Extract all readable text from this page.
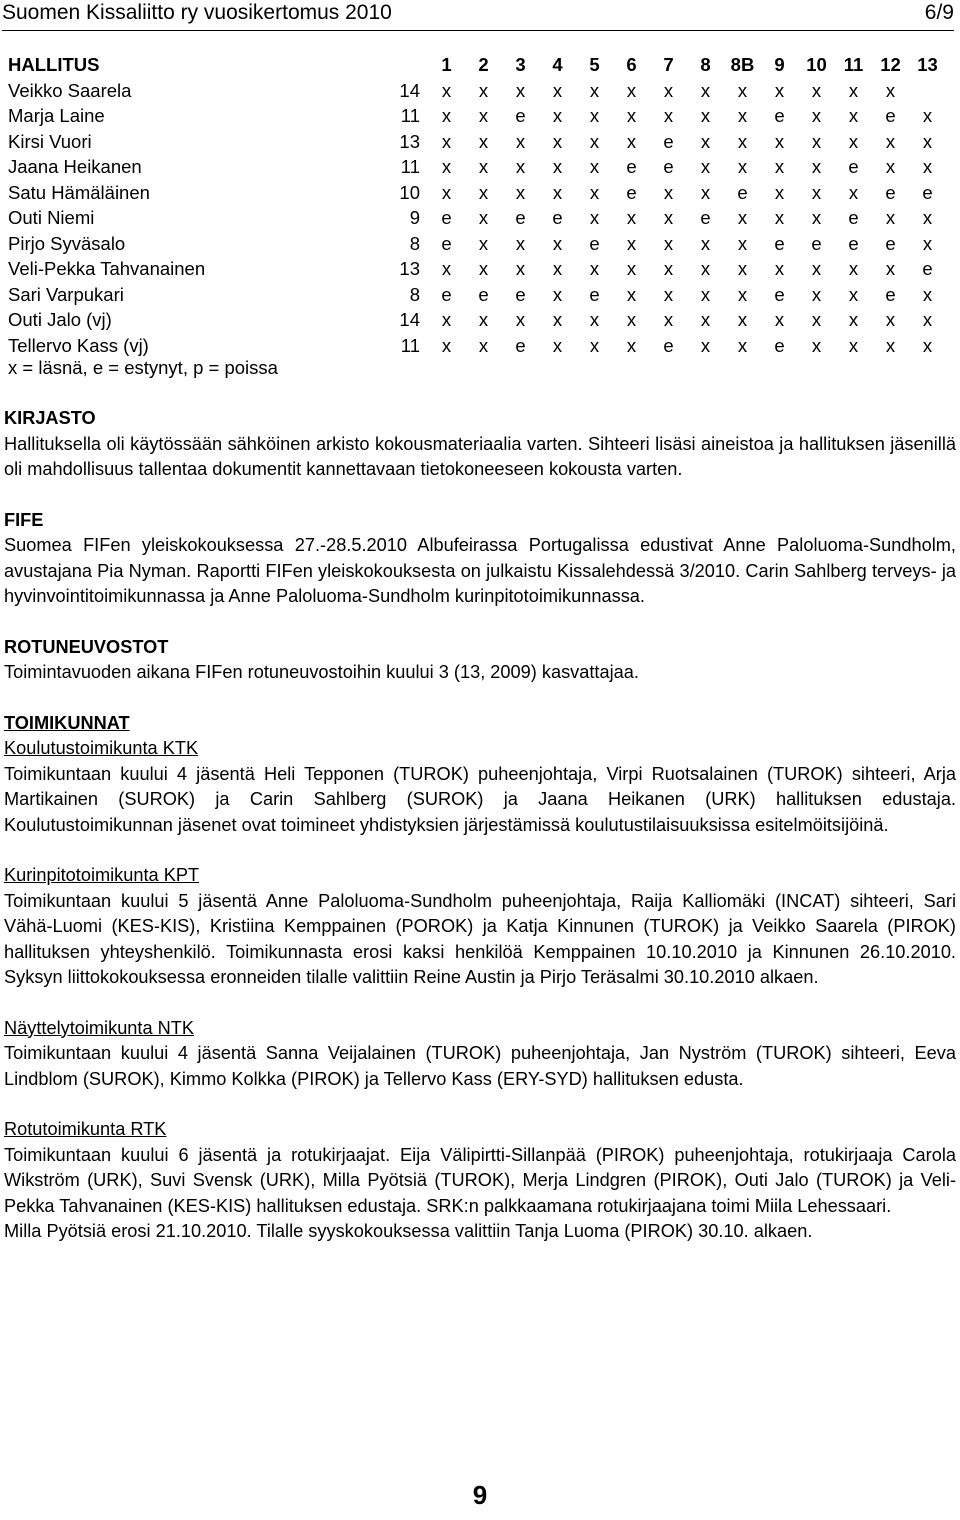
Suomen Kissaliitto ry vuosikertomus 2010	6/9
HALLITUS		1	2	3	4	5	6	7	8	8B	9	10	11	12	13
Veikko Saarela	14	x	x	x	x	x	x	x	x	x	x	x	x	x	
Marja Laine	11	x	x	e	x	x	x	x	x	x	e	x	x	e	x
Kirsi Vuori	13	x	x	x	x	x	x	e	x	x	x	x	x	x	x
Jaana Heikanen	11	x	x	x	x	x	e	e	x	x	x	x	e	x	x
Satu Hämäläinen	10	x	x	x	x	x	e	x	x	e	x	x	x	e	e
Outi Niemi	9	e	x	e	e	x	x	x	e	x	x	x	e	x	x
Pirjo Syväsalo	8	e	x	x	x	e	x	x	x	x	e	e	e	e	x
Veli-Pekka Tahvanainen	13	x	x	x	x	x	x	x	x	x	x	x	x	x	e
Sari Varpukari	8	e	e	e	x	e	x	x	x	x	e	x	x	e	x
Outi Jalo (vj)	14	x	x	x	x	x	x	x	x	x	x	x	x	x	x
Tellervo Kass (vj)	11	x	x	e	x	x	x	e	x	x	e	x	x	x	x
x = läsnä, e = estynyt, p = poissa
KIRJASTO

Hallituksella oli käytössään sähköinen arkisto kokousmateriaalia varten. Sihteeri lisäsi aineistoa ja hallituksen jäsenillä oli mahdollisuus tallentaa dokumentit kannettavaan tietokoneeseen kokousta varten.

FIFE

Suomea FIFen yleiskokouksessa 27.-28.5.2010 Albufeirassa Portugalissa edustivat Anne Paloluoma-Sundholm, avustajana Pia Nyman. Raportti FIFen yleiskokouksesta on julkaistu Kissalehdessä 3/2010. Carin Sahlberg terveys- ja hyvinvointitoimikunnassa ja Anne Paloluoma-Sundholm kurinpitotoimikunnassa.

ROTUNEUVOSTOT

Toimintavuoden aikana FIFen rotuneuvostoihin kuului 3 (13, 2009) kasvattajaa.

TOIMIKUNNAT
Koulutustoimikunta KTK

Toimikuntaan kuului 4 jäsentä Heli Tepponen (TUROK) puheenjohtaja, Virpi Ruotsalainen (TUROK) sihteeri, Arja Martikainen (SUROK) ja Carin Sahlberg (SUROK) ja Jaana Heikanen (URK) hallituksen edustaja. Koulutustoimikunnan jäsenet ovat toimineet yhdistyksien järjestämissä koulutustilaisuuksissa esitelmöitsijöinä.

Kurinpitotoimikunta KPT

Toimikuntaan kuului 5 jäsentä Anne Paloluoma-Sundholm puheenjohtaja, Raija Kalliomäki (INCAT) sihteeri, Sari Vähä-Luomi (KES-KIS), Kristiina Kemppainen (POROK) ja Katja Kinnunen (TUROK) ja Veikko Saarela (PIROK) hallituksen yhteyshenkilö. Toimikunnasta erosi kaksi henkilöä Kemppainen 10.10.2010 ja Kinnunen 26.10.2010. Syksyn liittokokouksessa eronneiden tilalle valittiin Reine Austin ja Pirjo Teräsalmi 30.10.2010 alkaen.

Näyttelytoimikunta NTK

Toimikuntaan kuului 4 jäsentä Sanna Veijalainen (TUROK) puheenjohtaja, Jan Nyström (TUROK) sihteeri, Eeva Lindblom (SUROK), Kimmo Kolkka (PIROK) ja Tellervo Kass (ERY-SYD) hallituksen edusta.

Rotutoimikunta RTK

Toimikuntaan kuului 6 jäsentä ja rotukirjaajat. Eija Välipirtti-Sillanpää (PIROK) puheenjohtaja, rotukirjaaja Carola Wikström (URK), Suvi Svensk (URK), Milla Pyötsiä (TUROK), Merja Lindgren (PIROK), Outi Jalo (TUROK) ja Veli-Pekka Tahvanainen (KES-KIS) hallituksen edustaja. SRK:n palkkaamana rotukirjaajana toimi Miila Lehessaari.

Milla Pyötsiä erosi 21.10.2010. Tilalle syyskokouksessa valittiin Tanja Luoma (PIROK) 30.10. alkaen.

9
